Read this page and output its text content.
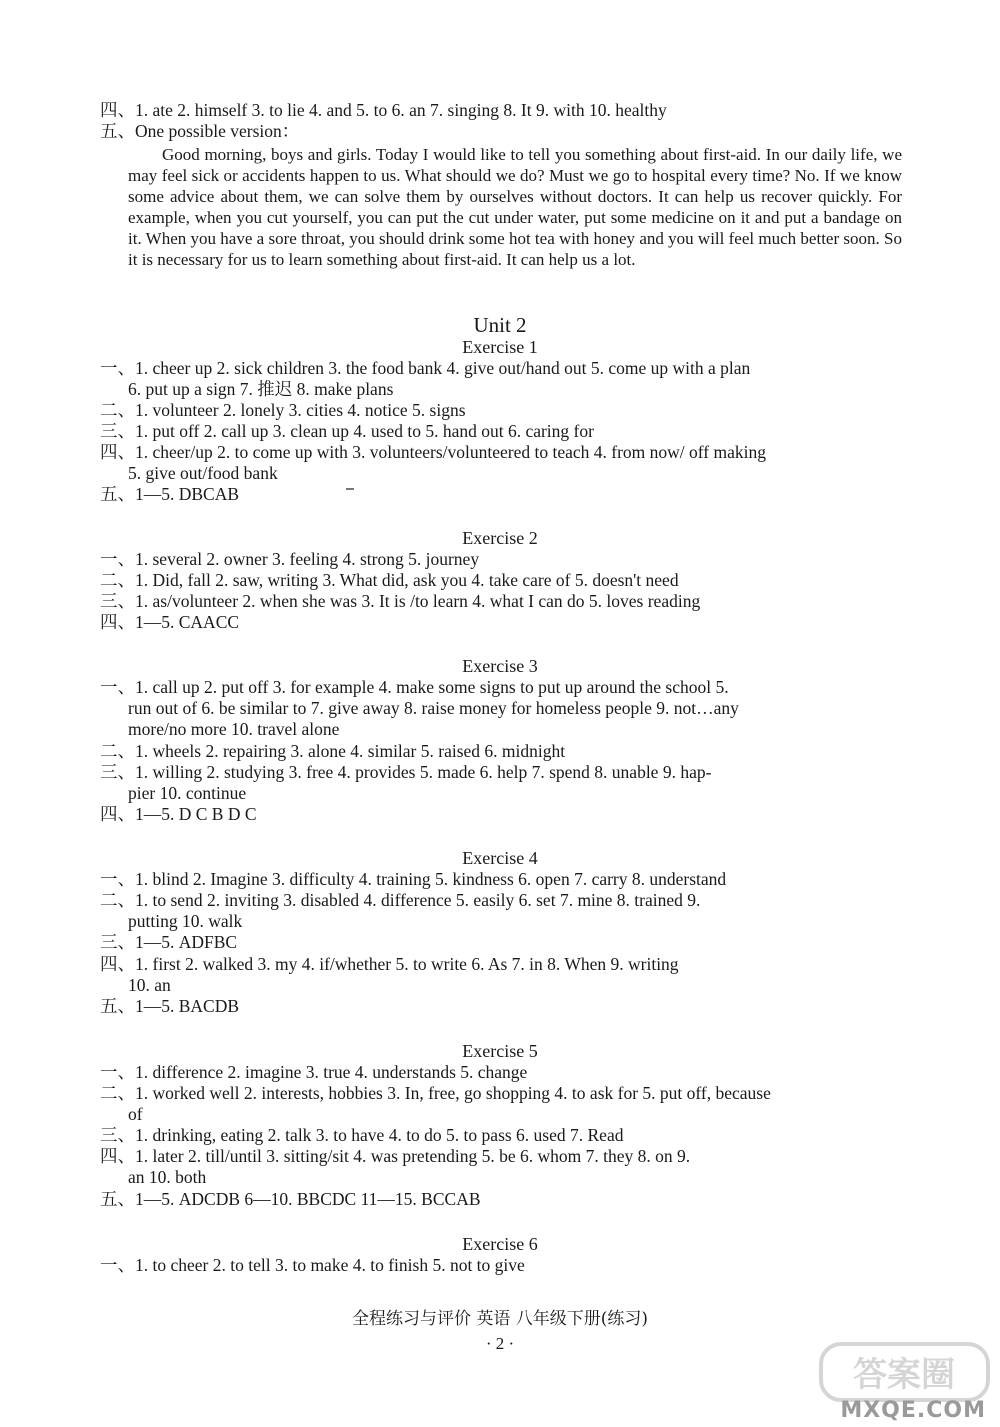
四、1. ate 2. himself 3. to lie 4. and 5. to 6. an 7. singing 8. It 9. with 10. healthy
五、One possible version：

Good morning, boys and girls. Today I would like to tell you something about first-aid. In our daily life, we may feel sick or accidents happen to us. What should we do? Must we go to hospital every time? No. If we know some advice about them, we can solve them by ourselves without doctors. It can help us recover quickly. For example, when you cut yourself, you can put the cut under water, put some medicine on it and put a bandage on it. When you have a sore throat, you should drink some hot tea with honey and you will feel much better soon. So it is necessary for us to learn something about first-aid. It can help us a lot.

Unit 2
Exercise 1
一、1. cheer up 2. sick children 3. the food bank 4. give out/hand out 5. come up with a plan
6. put up a sign 7. 推迟 8. make plans
二、1. volunteer 2. lonely 3. cities 4. notice 5. signs
三、1. put off 2. call up 3. clean up 4. used to 5. hand out 6. caring for
四、1. cheer/up 2. to come up with 3. volunteers/volunteered to teach 4. from now/ off making
5. give out/food bank
五、1—5. DBCAB
Exercise 2
一、1. several 2. owner 3. feeling 4. strong 5. journey
二、1. Did, fall 2. saw, writing 3. What did, ask you 4. take care of 5. doesn't need
三、1. as/volunteer 2. when she was 3. It is /to learn 4. what I can do 5. loves reading
四、1—5. CAACC
Exercise 3
一、1. call up 2. put off 3. for example 4. make some signs to put up around the school 5.
run out of 6. be similar to 7. give away 8. raise money for homeless people 9. not…any
more/no more 10. travel alone
二、1. wheels 2. repairing 3. alone 4. similar 5. raised 6. midnight
三、1. willing 2. studying 3. free 4. provides 5. made 6. help 7. spend 8. unable 9. hap-
pier 10. continue
四、1—5. D C B D C
Exercise 4
一、1. blind 2. Imagine 3. difficulty 4. training 5. kindness 6. open 7. carry 8. understand
二、1. to send 2. inviting 3. disabled 4. difference 5. easily 6. set 7. mine 8. trained 9.
putting 10. walk
三、1—5. ADFBC
四、1. first 2. walked 3. my 4. if/whether 5. to write 6. As 7. in 8. When 9. writing
10. an
五、1—5. BACDB
Exercise 5
一、1. difference 2. imagine 3. true 4. understands 5. change
二、1. worked well 2. interests, hobbies 3. In, free, go shopping 4. to ask for 5. put off, because
of
三、1. drinking, eating 2. talk 3. to have 4. to do 5. to pass 6. used 7. Read
四、1. later 2. till/until 3. sitting/sit 4. was pretending 5. be 6. whom 7. they 8. on 9.
an 10. both
五、1—5. ADCDB 6—10. BBCDC 11—15. BCCAB
Exercise 6
一、1. to cheer 2. to tell 3. to make 4. to finish 5. not to give
全程练习与评价 英语 八年级下册(练习)
· 2 ·
答案圈
MXQE.COM
